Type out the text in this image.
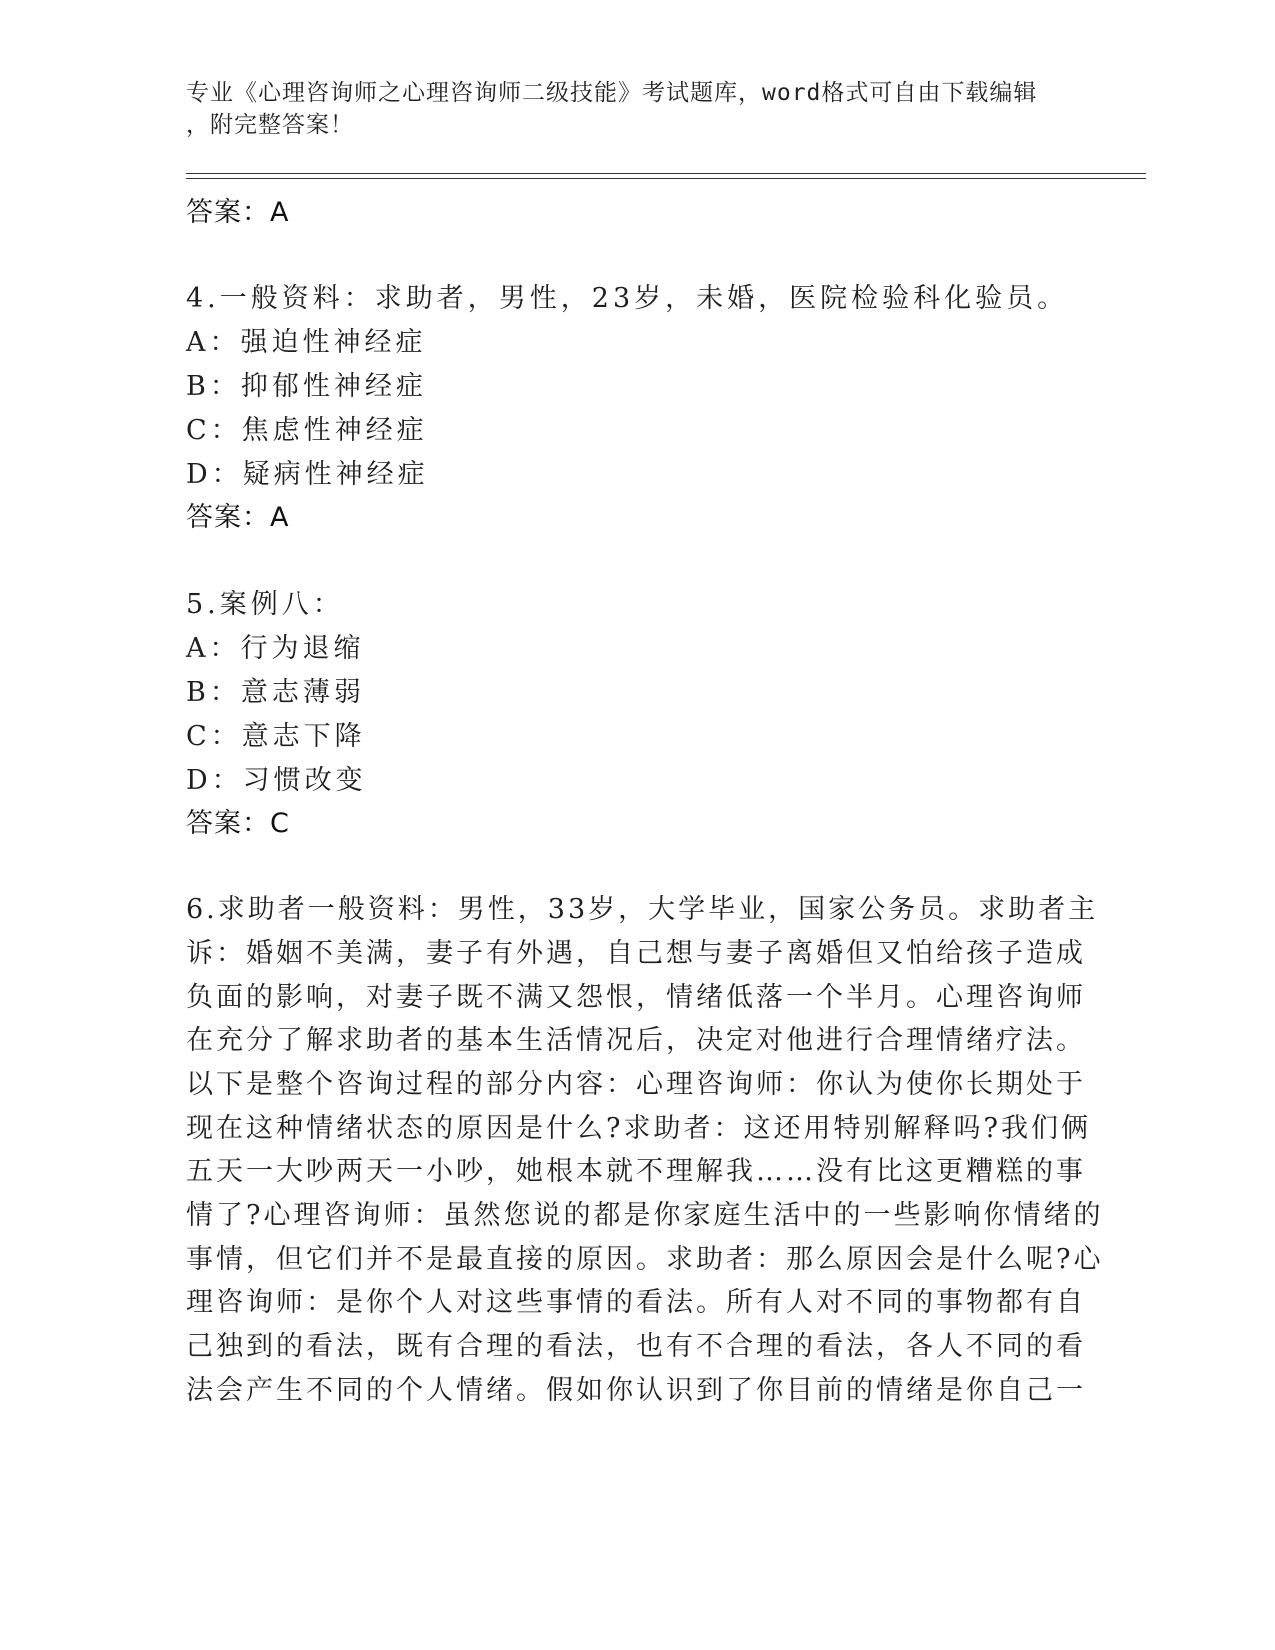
专业《心理咨询师之心理咨询师二级技能》考试题库，word格式可自由下载编辑
，附完整答案！
答案：A
4.一般资料：求助者，男性，23岁，未婚，医院检验科化验员。
A：强迫性神经症
B：抑郁性神经症
C：焦虑性神经症
D：疑病性神经症
答案：A
5.案例八：
A：行为退缩
B：意志薄弱
C：意志下降
D：习惯改变
答案：C
6.求助者一般资料：男性，33岁，大学毕业，国家公务员。求助者主
诉：婚姻不美满，妻子有外遇，自己想与妻子离婚但又怕给孩子造成
负面的影响，对妻子既不满又怨恨，情绪低落一个半月。心理咨询师
在充分了解求助者的基本生活情况后，决定对他进行合理情绪疗法。
以下是整个咨询过程的部分内容：心理咨询师：你认为使你长期处于
现在这种情绪状态的原因是什么?求助者：这还用特别解释吗?我们俩
五天一大吵两天一小吵，她根本就不理解我……没有比这更糟糕的事
情了?心理咨询师：虽然您说的都是你家庭生活中的一些影响你情绪的
事情，但它们并不是最直接的原因。求助者：那么原因会是什么呢?心
理咨询师：是你个人对这些事情的看法。所有人对不同的事物都有自
己独到的看法，既有合理的看法，也有不合理的看法，各人不同的看
法会产生不同的个人情绪。假如你认识到了你目前的情绪是你自己一
